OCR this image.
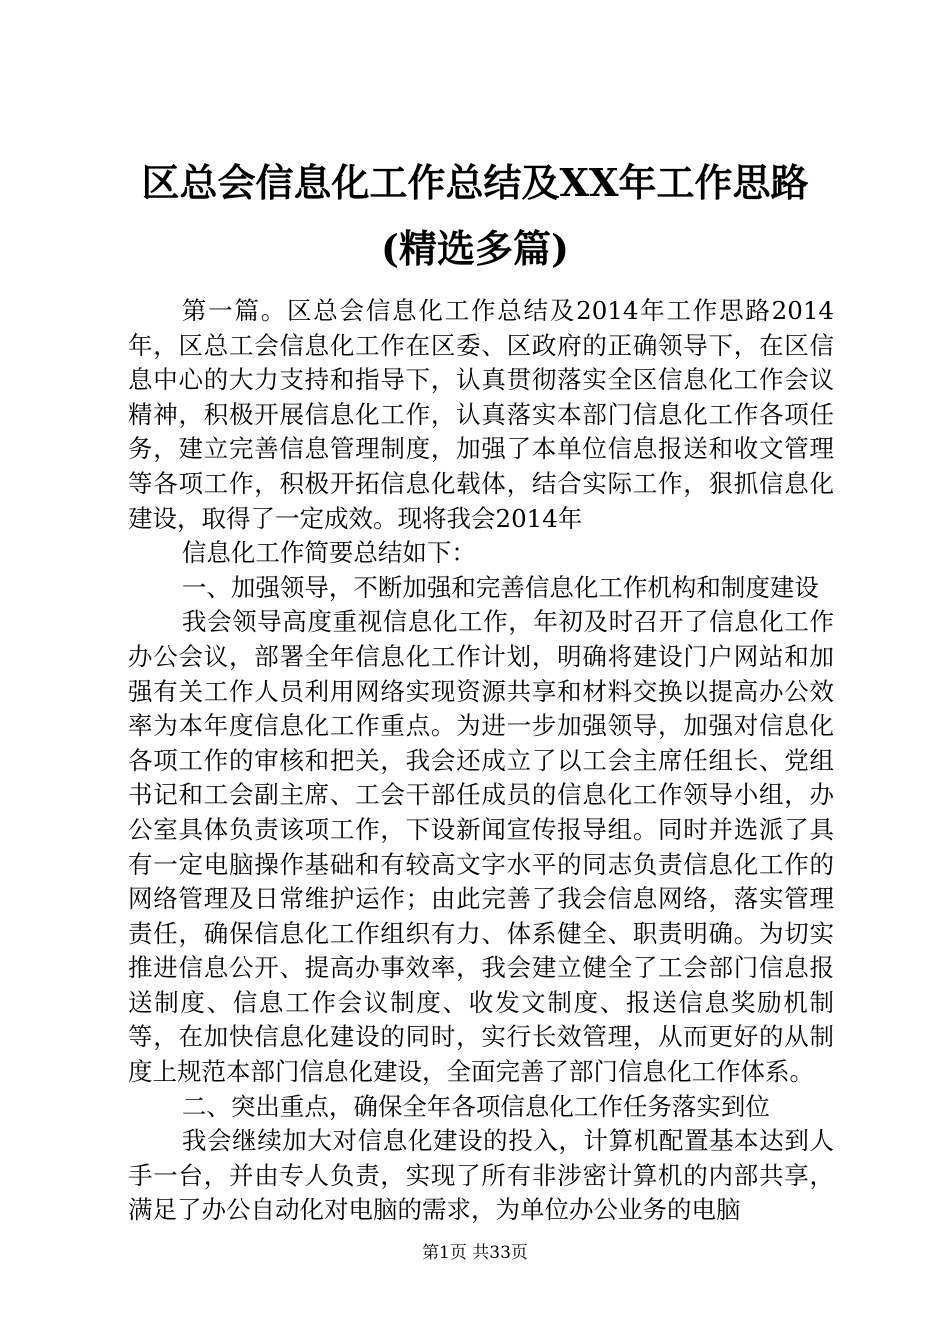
区总会信息化工作总结及XX年工作思路(精选多篇)

第一篇。区总会信息化工作总结及2014年工作思路2014年，区总工会信息化工作在区委、区政府的正确领导下，在区信息中心的大力支持和指导下，认真贯彻落实全区信息化工作会议精神，积极开展信息化工作，认真落实本部门信息化工作各项任务，建立完善信息管理制度，加强了本单位信息报送和收文管理等各项工作，积极开拓信息化载体，结合实际工作，狠抓信息化建设，取得了一定成效。现将我会2014年

信息化工作简要总结如下：

一、加强领导，不断加强和完善信息化工作机构和制度建设

我会领导高度重视信息化工作，年初及时召开了信息化工作办公会议，部署全年信息化工作计划，明确将建设门户网站和加强有关工作人员利用网络实现资源共享和材料交换以提高办公效率为本年度信息化工作重点。为进一步加强领导，加强对信息化各项工作的审核和把关，我会还成立了以工会主席任组长、党组书记和工会副主席、工会干部任成员的信息化工作领导小组，办公室具体负责该项工作，下设新闻宣传报导组。同时并选派了具有一定电脑操作基础和有较高文字水平的同志负责信息化工作的网络管理及日常维护运作；由此完善了我会信息网络，落实管理责任，确保信息化工作组织有力、体系健全、职责明确。为切实推进信息公开、提高办事效率，我会建立健全了工会部门信息报送制度、信息工作会议制度、收发文制度、报送信息奖励机制等，在加快信息化建设的同时，实行长效管理，从而更好的从制度上规范本部门信息化建设，全面完善了部门信息化工作体系。

二、突出重点，确保全年各项信息化工作任务落实到位

我会继续加大对信息化建设的投入，计算机配置基本达到人手一台，并由专人负责，实现了所有非涉密计算机的内部共享，满足了办公自动化对电脑的需求，为单位办公业务的电脑

第1页 共33页
